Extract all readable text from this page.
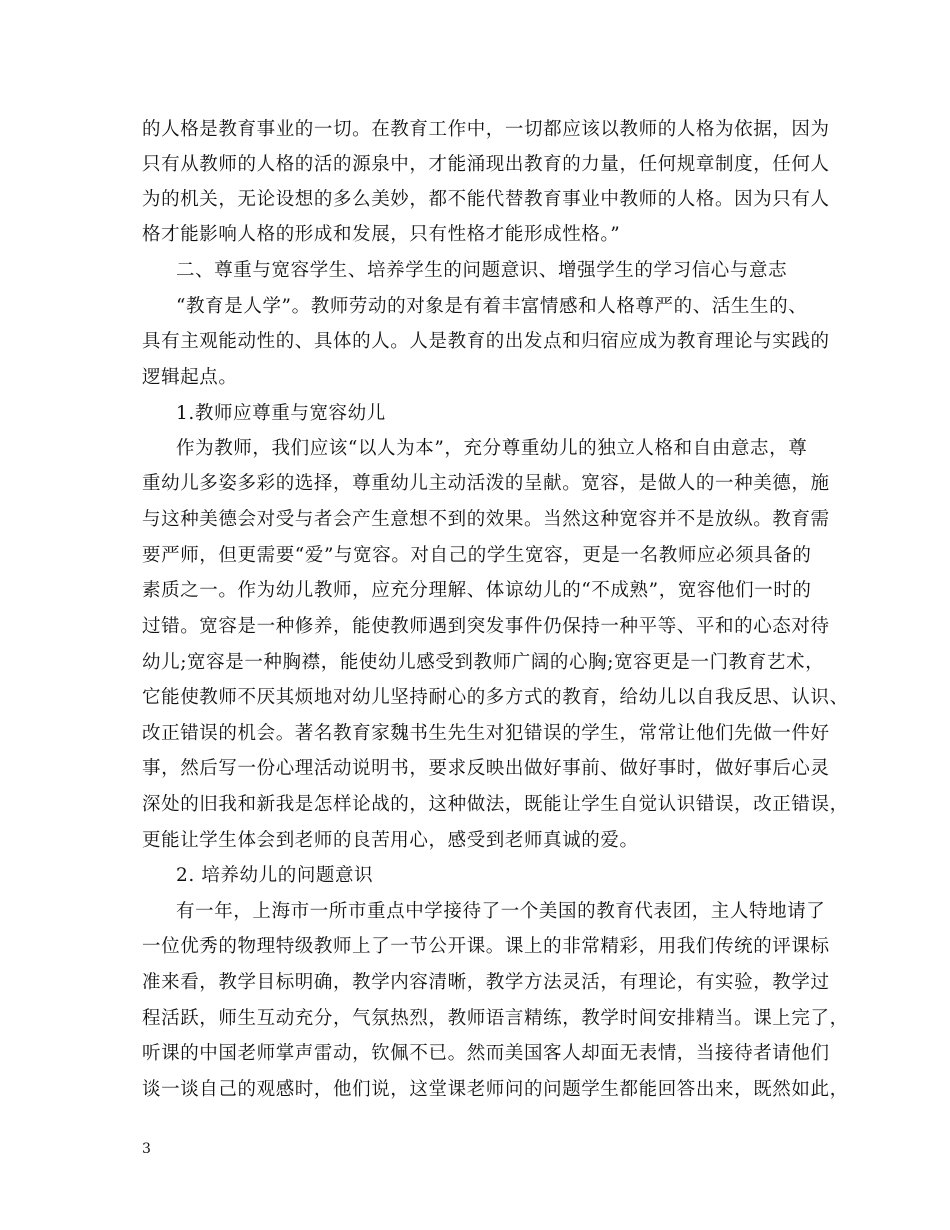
的人格是教育事业的一切。在教育工作中，一切都应该以教师的人格为依据，因为
只有从教师的人格的活的源泉中，才能涌现出教育的力量，任何规章制度，任何人
为的机关，无论设想的多么美妙，都不能代替教育事业中教师的人格。因为只有人
格才能影响人格的形成和发展，只有性格才能形成性格。”
二、尊重与宽容学生、培养学生的问题意识、增强学生的学习信心与意志
“教育是人学”。教师劳动的对象是有着丰富情感和人格尊严的、活生生的、
具有主观能动性的、具体的人。人是教育的出发点和归宿应成为教育理论与实践的
逻辑起点。
1.教师应尊重与宽容幼儿
作为教师，我们应该“以人为本”，充分尊重幼儿的独立人格和自由意志，尊
重幼儿多姿多彩的选择，尊重幼儿主动活泼的呈献。宽容，是做人的一种美德，施
与这种美德会对受与者会产生意想不到的效果。当然这种宽容并不是放纵。教育需
要严师，但更需要“爱”与宽容。对自己的学生宽容，更是一名教师应必须具备的
素质之一。作为幼儿教师，应充分理解、体谅幼儿的“不成熟”，宽容他们一时的
过错。宽容是一种修养，能使教师遇到突发事件仍保持一种平等、平和的心态对待
幼儿;宽容是一种胸襟，能使幼儿感受到教师广阔的心胸;宽容更是一门教育艺术，
它能使教师不厌其烦地对幼儿坚持耐心的多方式的教育，给幼儿以自我反思、认识、
改正错误的机会。著名教育家魏书生先生对犯错误的学生，常常让他们先做一件好
事，然后写一份心理活动说明书，要求反映出做好事前、做好事时，做好事后心灵
深处的旧我和新我是怎样论战的，这种做法，既能让学生自觉认识错误，改正错误，
更能让学生体会到老师的良苦用心，感受到老师真诚的爱。
2. 培养幼儿的问题意识
有一年，上海市一所市重点中学接待了一个美国的教育代表团，主人特地请了
一位优秀的物理特级教师上了一节公开课。课上的非常精彩，用我们传统的评课标
准来看，教学目标明确，教学内容清晰，教学方法灵活，有理论，有实验，教学过
程活跃，师生互动充分，气氛热烈，教师语言精练，教学时间安排精当。课上完了，
听课的中国老师掌声雷动，钦佩不已。然而美国客人却面无表情，当接待者请他们
谈一谈自己的观感时，他们说，这堂课老师问的问题学生都能回答出来，既然如此，
3
